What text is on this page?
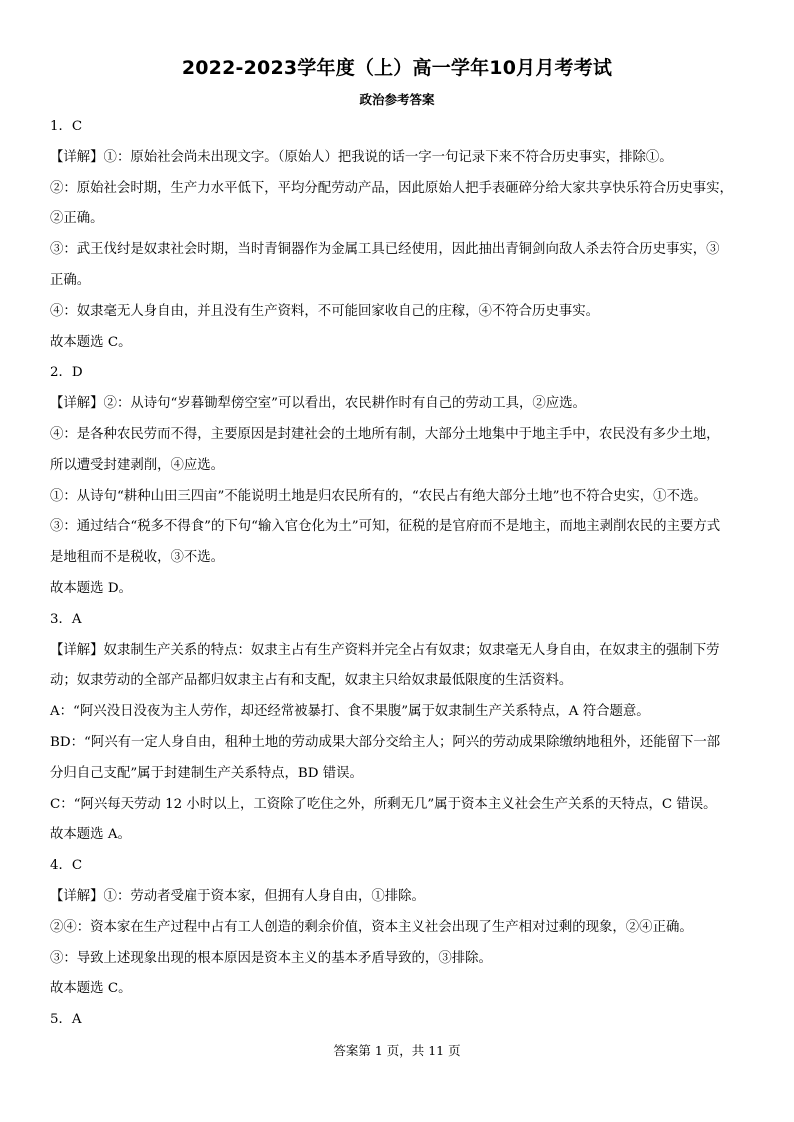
2022-2023学年度（上）高一学年10月月考考试
政治参考答案
1．C
【详解】①：原始社会尚未出现文字。（原始人）把我说的话一字一句记录下来不符合历史事实，排除①。
②：原始社会时期，生产力水平低下，平均分配劳动产品，因此原始人把手表砸碎分给大家共享快乐符合历史事实，
②正确。
③：武王伐纣是奴隶社会时期，当时青铜器作为金属工具已经使用，因此抽出青铜剑向敌人杀去符合历史事实，③
正确。
④：奴隶毫无人身自由，并且没有生产资料，不可能回家收自己的庄稼，④不符合历史事实。
故本题选 C。
2．D
【详解】②：从诗句“岁暮锄犁傍空室”可以看出，农民耕作时有自己的劳动工具，②应选。
④：是各种农民劳而不得，主要原因是封建社会的土地所有制，大部分土地集中于地主手中，农民没有多少土地，
所以遭受封建剥削，④应选。
①：从诗句“耕种山田三四亩”不能说明土地是归农民所有的，“农民占有绝大部分土地”也不符合史实，①不选。
③：通过结合“税多不得食”的下句“输入官仓化为土”可知，征税的是官府而不是地主，而地主剥削农民的主要方式
是地租而不是税收，③不选。
故本题选 D。
3．A
【详解】奴隶制生产关系的特点：奴隶主占有生产资料并完全占有奴隶；奴隶毫无人身自由，在奴隶主的强制下劳
动；奴隶劳动的全部产品都归奴隶主占有和支配，奴隶主只给奴隶最低限度的生活资料。
A：“阿兴没日没夜为主人劳作，却还经常被暴打、食不果腹”属于奴隶制生产关系特点，A 符合题意。
BD：“阿兴有一定人身自由，租种土地的劳动成果大部分交给主人；阿兴的劳动成果除缴纳地租外，还能留下一部
分归自己支配”属于封建制生产关系特点，BD 错误。
C：“阿兴每天劳动 12 小时以上，工资除了吃住之外，所剩无几”属于资本主义社会生产关系的天特点，C 错误。
故本题选 A。
4．C
【详解】①：劳动者受雇于资本家，但拥有人身自由，①排除。
②④：资本家在生产过程中占有工人创造的剩余价值，资本主义社会出现了生产相对过剩的现象，②④正确。
③：导致上述现象出现的根本原因是资本主义的基本矛盾导致的，③排除。
故本题选 C。
5．A
答案第 1 页，共 11 页
